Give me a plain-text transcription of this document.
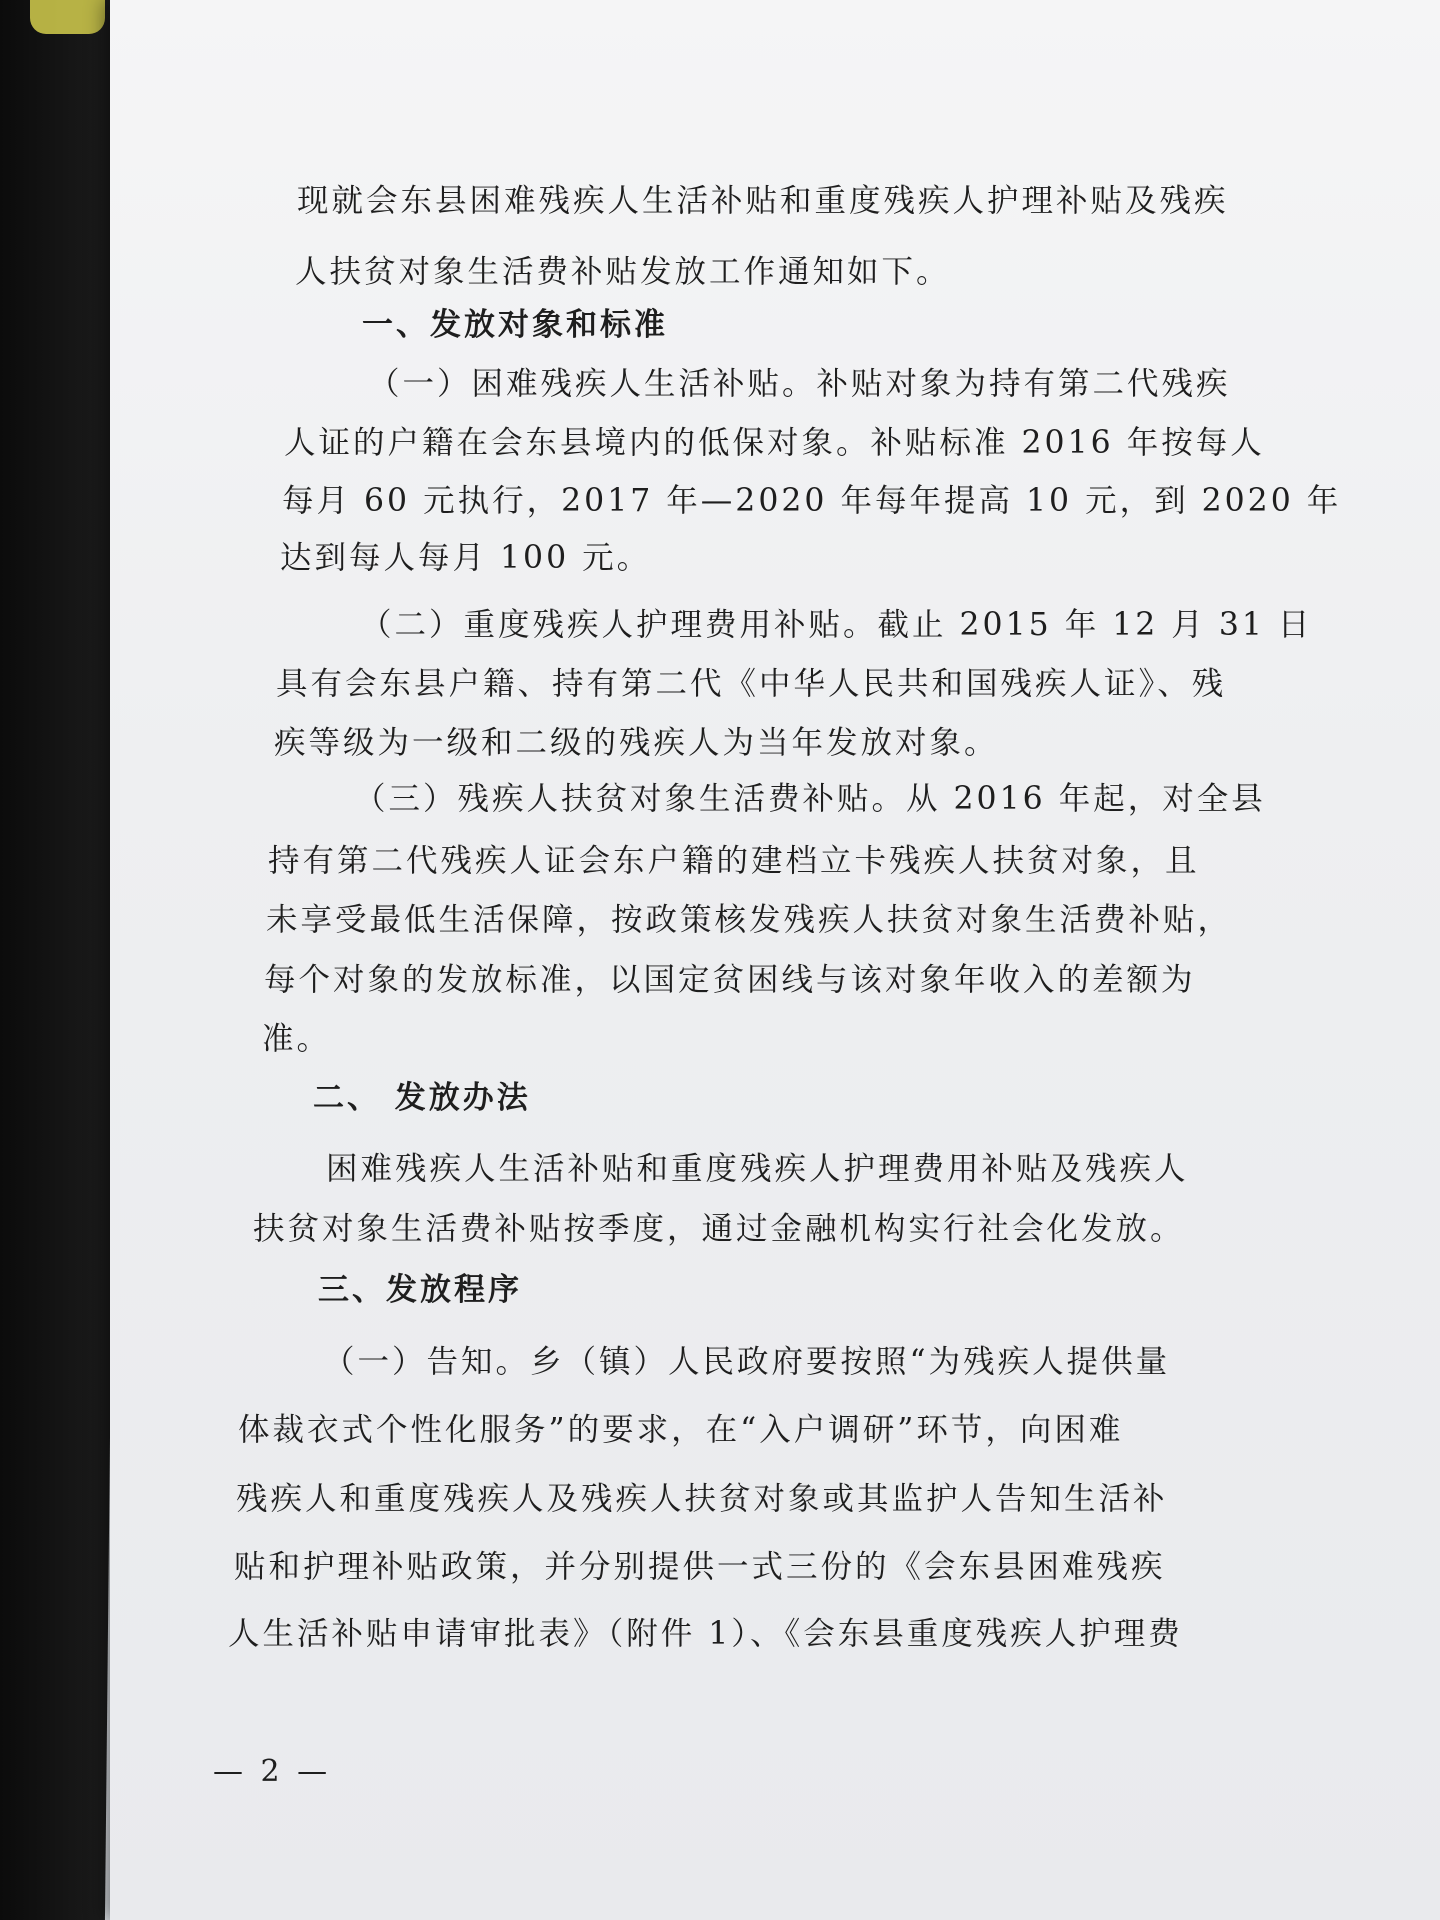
现就会东县困难残疾人生活补贴和重度残疾人护理补贴及残疾
人扶贫对象生活费补贴发放工作通知如下。
一、发放对象和标准
（一）困难残疾人生活补贴。补贴对象为持有第二代残疾
人证的户籍在会东县境内的低保对象。补贴标准 2016 年按每人
每月 60 元执行，2017 年—2020 年每年提高 10 元，到 2020 年
达到每人每月 100 元。
（二）重度残疾人护理费用补贴。截止 2015 年 12 月 31 日
具有会东县户籍、持有第二代《中华人民共和国残疾人证》、残
疾等级为一级和二级的残疾人为当年发放对象。
（三）残疾人扶贫对象生活费补贴。从 2016 年起，对全县
持有第二代残疾人证会东户籍的建档立卡残疾人扶贫对象，且
未享受最低生活保障，按政策核发残疾人扶贫对象生活费补贴，
每个对象的发放标准，以国定贫困线与该对象年收入的差额为
准。
二、 发放办法
困难残疾人生活补贴和重度残疾人护理费用补贴及残疾人
扶贫对象生活费补贴按季度，通过金融机构实行社会化发放。
三、发放程序
（一）告知。乡（镇）人民政府要按照“为残疾人提供量
体裁衣式个性化服务”的要求，在“入户调研”环节，向困难
残疾人和重度残疾人及残疾人扶贫对象或其监护人告知生活补
贴和护理补贴政策，并分别提供一式三份的《会东县困难残疾
人生活补贴申请审批表》（附件 1）、《会东县重度残疾人护理费
— 2 —
